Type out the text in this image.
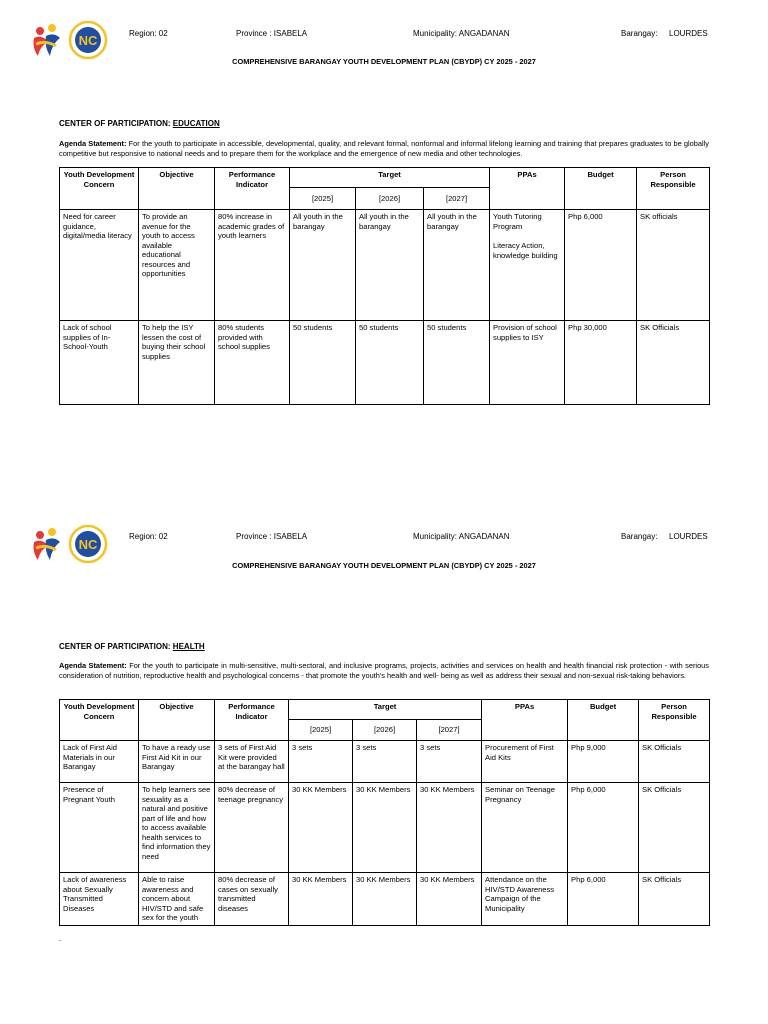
NC	Region: 02	Province : ISABELA	Municipality: ANGADANAN	Barangay: LOURDES
COMPREHENSIVE BARANGAY YOUTH DEVELOPMENT PLAN (CBYDP) CY 2025 - 2027
CENTER OF PARTICIPATION: EDUCATION
Agenda Statement: For the youth to participate in accessible, developmental, quality, and relevant formal, nonformal and informal lifelong learning and training that prepares graduates to be globally competitive but responsive to national needs and to prepare them for the workplace and the emergence of new media and other technologies.
Youth Development Concern	Objective	Performance Indicator	Target			PPAs	Budget	Person Responsible
			[2025]	[2026]	[2027]			
Need for career guidance, digital/media literacy	To provide an avenue for the youth to access available educational resources and opportunities	80% increase in academic grades of youth learners	All youth in the barangay	All youth in the barangay	All youth in the barangay	Youth Tutoring Program
Literacy Action, knowledge building	Php 6,000	SK officials
Lack of school supplies of In-School-Youth	To help the ISY lessen the cost of buying their school supplies	80% students provided with school supplies	50 students	50 students	50 students	Provision of school supplies to ISY	Php 30,000	SK Officials
NC
Region: 02	Province : ISABELA	Municipality: ANGADANAN	Barangay: LOURDES
COMPREHENSIVE BARANGAY YOUTH DEVELOPMENT PLAN (CBYDP) CY 2025 - 2027
CENTER OF PARTICIPATION: HEALTH
Agenda Statement: For the youth to participate in multi-sensitive, multi-sectoral, and inclusive programs, projects, activities and services on health and health financial risk protection - with serious consideration of nutrition, reproductive health and psychological concerns - that promote the youth's health and well- being as well as address their sexual and non-sexual risk-taking behaviors.
Youth Development Concern	Objective	Performance Indicator	Target			PPAs	Budget	Person Responsible
			[2025]	[2026]	[2027]			
Lack of First Aid Materials in our Barangay	To have a ready use First Aid Kit in our Barangay	3 sets of First Aid Kit were provided at the barangay hall	3 sets	3 sets	3 sets	Procurement of First Aid Kits	Php 9,000	SK Officials
Presence of Pregnant Youth	To help learners see sexuality as a natural and positive part of life and how to access available health services to find information they need	80% decrease of teenage pregnancy	30 KK Members	30 KK Members	30 KK Members	Seminar on Teenage Pregnancy	Php 6,000	SK Officials
Lack of awareness about Sexually Transmitted Diseases	Able to raise awareness and concern about HIV/STD and safe sex for the youth	80% decrease of cases on sexually transmitted diseases	30 KK Members	30 KK Members	30 KK Members	Attendance on the HIV/STD Awareness Campaign of the Municipality	Php 6,000	SK Officials
.
